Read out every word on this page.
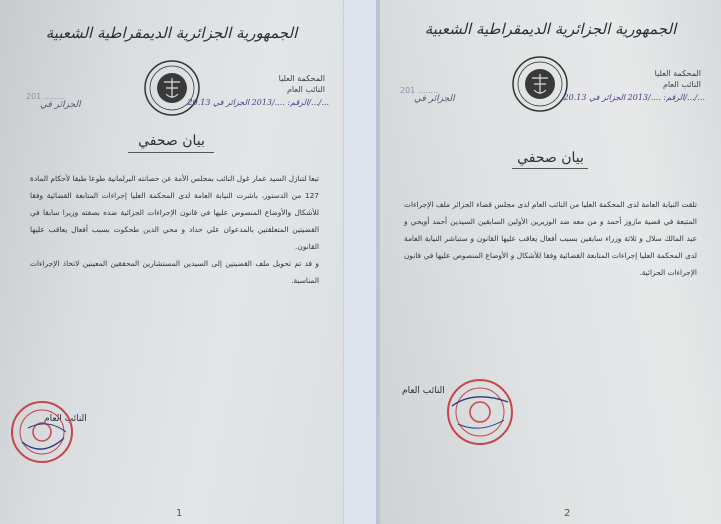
الجمهورية الجزائرية الديمقراطية الشعبية
المحكمة العليا
النائب العام
الرقم: ..../2013 الجزائر في 20.13/.../...
201 ........
الجزائر في
بيان صحفي

تبعا لتنازل السيد عمار غول النائب بمجلس الأمة عن حصانته البرلمانية طوعا طبقا لأحكام المادة 127 من الدستور، باشرت النيابة العامة لدى المحكمة العليا إجراءات المتابعة القضائية وفقا للأشكال والأوضاع المنصوص عليها في قانون الإجراءات الجزائية ضده بصفته وزيرا سابقا في القضيتين المتعلقتين بالمدعوان علي حداد و محي الدين طحكوت بسبب أفعال يعاقب عليها القانون.

و قد تم تحويل ملف القضيتين إلى السيدين المستشارين المحققين المعينين لاتخاذ الإجراءات المناسبة.

النائب العام
1
الجمهورية الجزائرية الديمقراطية الشعبية
المحكمة العليا
النائب العام
الرقم: ..../2013 الجزائر في 20.13/.../...
201 ........
الجزائر في
بيان صحفي

تلقت النيابة العامة لدى المحكمة العليا من النائب العام لدى مجلس قضاء الجزائر ملف الإجراءات المتبعة في قضية مازوز أحمد و من معه ضد الوزيرين الأولين السابقين السيدين أحمد أويحي و عبد المالك سلال و ثلاثة وزراء سابقين بسبب أفعال يعاقب عليها القانون و ستباشر النيابة العامة لدى المحكمة العليا إجراءات المتابعة القضائية وفقا للأشكال و الأوضاع المنصوص عليها في قانون الإجراءات الجزائية.

النائب العام
2
